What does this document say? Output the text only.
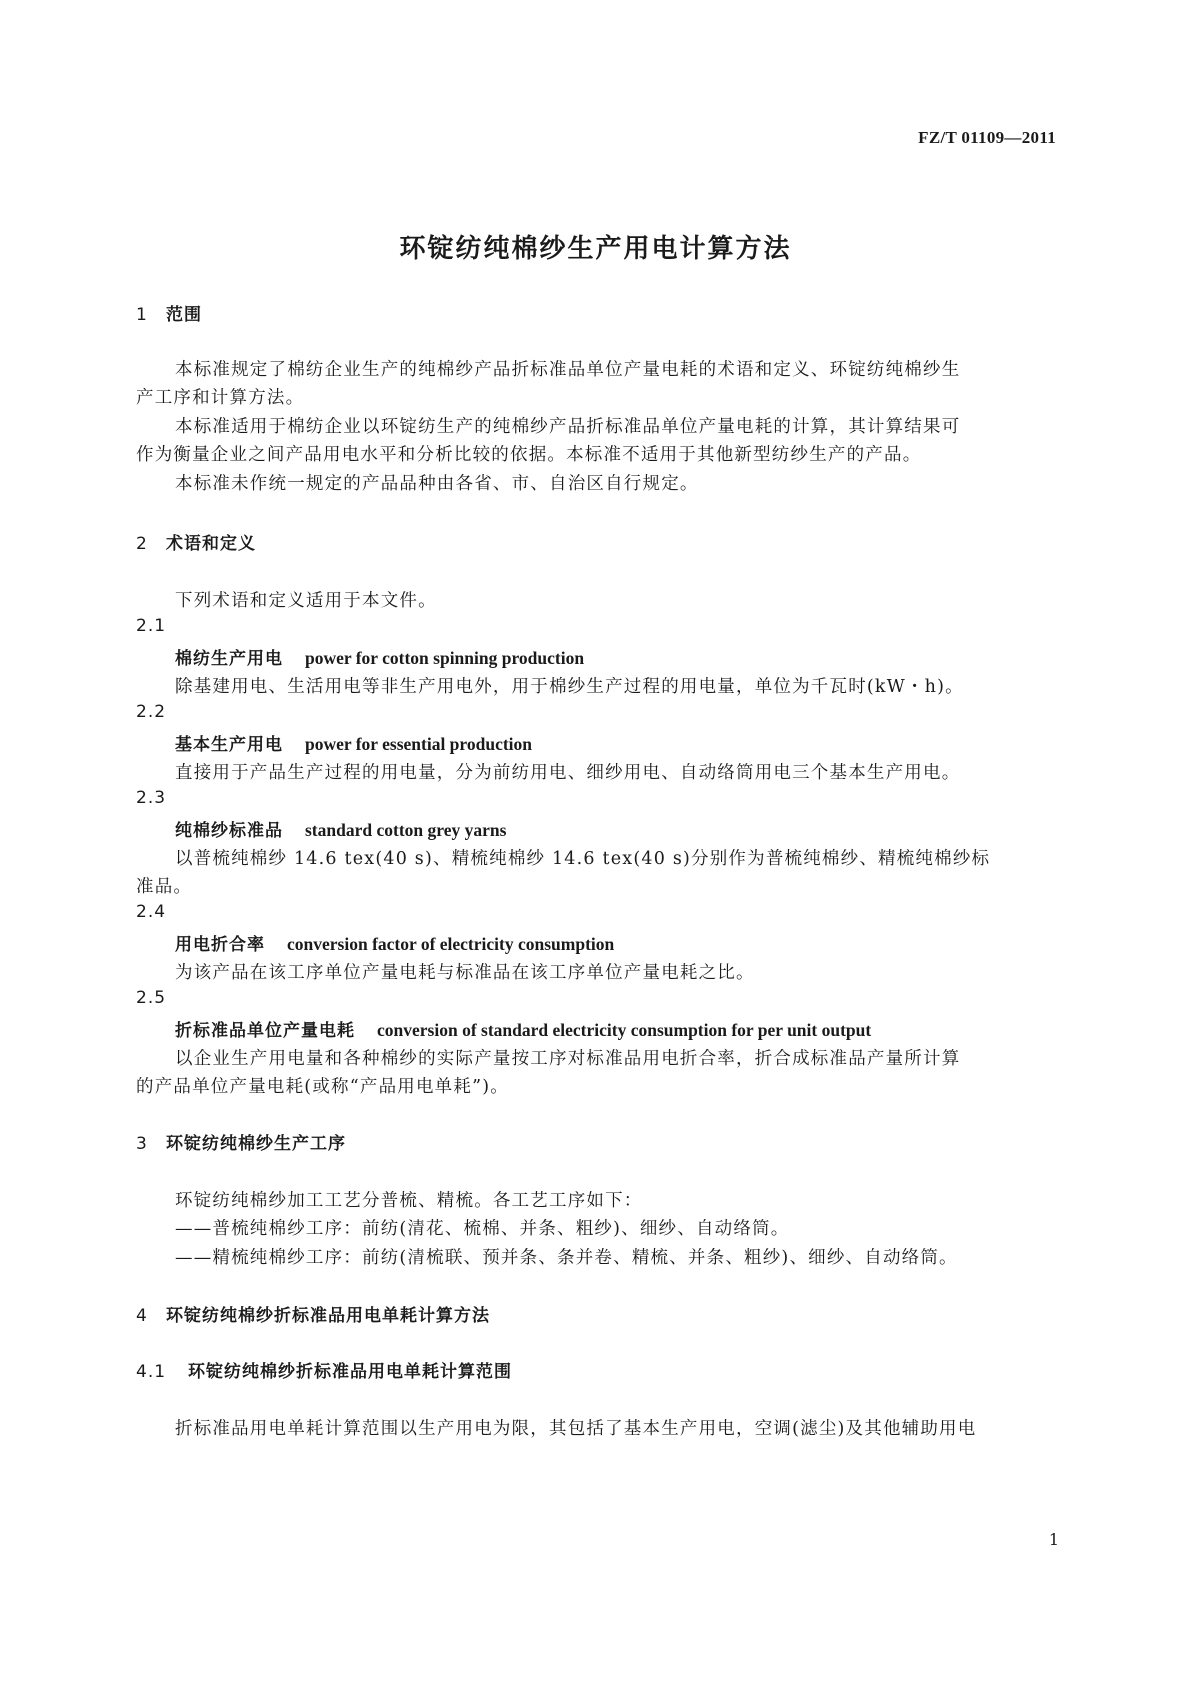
FZ/T 01109—2011
环锭纺纯棉纱生产用电计算方法
1 范围
本标准规定了棉纺企业生产的纯棉纱产品折标准品单位产量电耗的术语和定义、环锭纺纯棉纱生
产工序和计算方法。
本标准适用于棉纺企业以环锭纺生产的纯棉纱产品折标准品单位产量电耗的计算，其计算结果可
作为衡量企业之间产品用电水平和分析比较的依据。本标准不适用于其他新型纺纱生产的产品。
本标准未作统一规定的产品品种由各省、市、自治区自行规定。
2 术语和定义
下列术语和定义适用于本文件。
2.1
棉纺生产用电 power for cotton spinning production
除基建用电、生活用电等非生产用电外，用于棉纱生产过程的用电量，单位为千瓦时(kW・h)。
2.2
基本生产用电 power for essential production
直接用于产品生产过程的用电量，分为前纺用电、细纱用电、自动络筒用电三个基本生产用电。
2.3
纯棉纱标准品 standard cotton grey yarns
以普梳纯棉纱 14.6 tex(40 s)、精梳纯棉纱 14.6 tex(40 s)分别作为普梳纯棉纱、精梳纯棉纱标
准品。
2.4
用电折合率 conversion factor of electricity consumption
为该产品在该工序单位产量电耗与标准品在该工序单位产量电耗之比。
2.5
折标准品单位产量电耗 conversion of standard electricity consumption for per unit output
以企业生产用电量和各种棉纱的实际产量按工序对标准品用电折合率，折合成标准品产量所计算
的产品单位产量电耗(或称“产品用电单耗”)。
3 环锭纺纯棉纱生产工序
环锭纺纯棉纱加工工艺分普梳、精梳。各工艺工序如下：
——普梳纯棉纱工序：前纺(清花、梳棉、并条、粗纱)、细纱、自动络筒。
——精梳纯棉纱工序：前纺(清梳联、预并条、条并卷、精梳、并条、粗纱)、细纱、自动络筒。
4 环锭纺纯棉纱折标准品用电单耗计算方法
4.1 环锭纺纯棉纱折标准品用电单耗计算范围
折标准品用电单耗计算范围以生产用电为限，其包括了基本生产用电，空调(滤尘)及其他辅助用电
1
